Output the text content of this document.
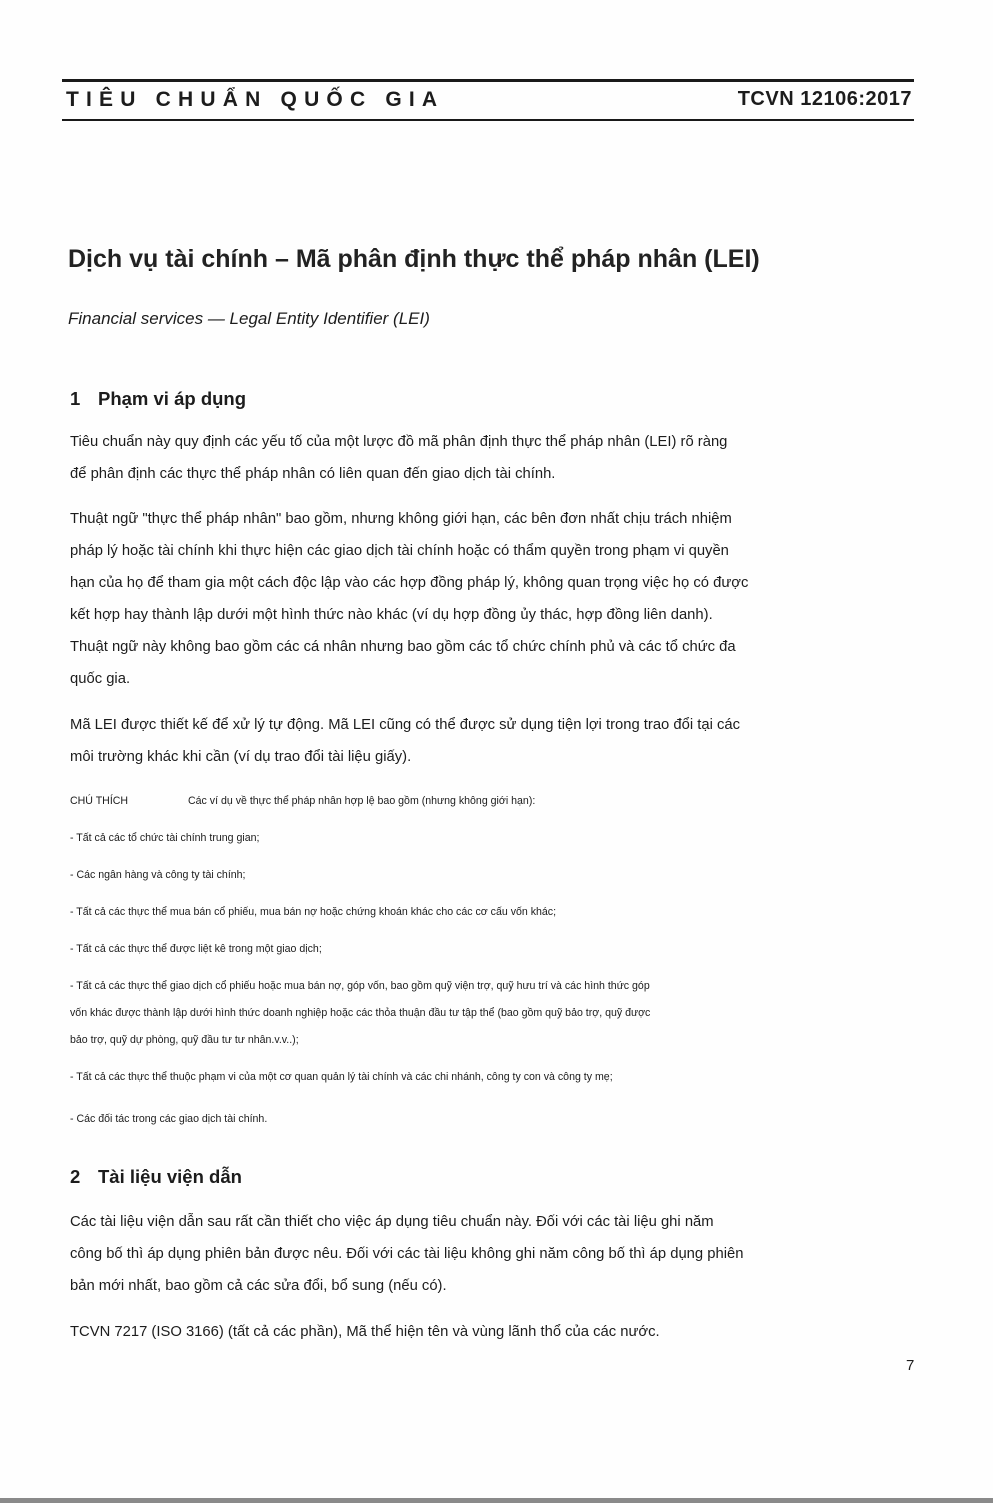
TIÊU CHUẨN QUỐC GIA	TCVN 12106:2017
Dịch vụ tài chính – Mã phân định thực thể pháp nhân (LEI)
Financial services — Legal Entity Identifier (LEI)
1 Phạm vi áp dụng
Tiêu chuẩn này quy định các yếu tố của một lược đồ mã phân định thực thể pháp nhân (LEI) rõ ràng
để phân định các thực thể pháp nhân có liên quan đến giao dịch tài chính.
Thuật ngữ "thực thể pháp nhân" bao gồm, nhưng không giới hạn, các bên đơn nhất chịu trách nhiệm
pháp lý hoặc tài chính khi thực hiện các giao dịch tài chính hoặc có thẩm quyền trong phạm vi quyền
hạn của họ để tham gia một cách độc lập vào các hợp đồng pháp lý, không quan trọng việc họ có được
kết hợp hay thành lập dưới một hình thức nào khác (ví dụ hợp đồng ủy thác, hợp đồng liên danh).
Thuật ngữ này không bao gồm các cá nhân nhưng bao gồm các tổ chức chính phủ và các tổ chức đa
quốc gia.
Mã LEI được thiết kế để xử lý tự động. Mã LEI cũng có thể được sử dụng tiện lợi trong trao đổi tại các
môi trường khác khi cần (ví dụ trao đổi tài liệu giấy).
CHÚ THÍCH	Các ví dụ về thực thể pháp nhân hợp lệ bao gồm (nhưng không giới hạn):
- Tất cả các tổ chức tài chính trung gian;
- Các ngân hàng và công ty tài chính;
- Tất cả các thực thể mua bán cổ phiếu, mua bán nợ hoặc chứng khoán khác cho các cơ cấu vốn khác;
- Tất cả các thực thể được liệt kê trong một giao dịch;
- Tất cả các thực thể giao dịch cổ phiếu hoặc mua bán nợ, góp vốn, bao gồm quỹ viện trợ, quỹ hưu trí và các hình thức góp
vốn khác được thành lập dưới hình thức doanh nghiệp hoặc các thỏa thuận đầu tư tập thể (bao gồm quỹ bảo trợ, quỹ được
bảo trợ, quỹ dự phòng, quỹ đầu tư tư nhân.v.v..);
- Tất cả các thực thể thuộc phạm vi của một cơ quan quản lý tài chính và các chi nhánh, công ty con và công ty mẹ;
- Các đối tác trong các giao dịch tài chính.
2 Tài liệu viện dẫn
Các tài liệu viện dẫn sau rất cần thiết cho việc áp dụng tiêu chuẩn này. Đối với các tài liệu ghi năm
công bố thì áp dụng phiên bản được nêu. Đối với các tài liệu không ghi năm công bố thì áp dụng phiên
bản mới nhất, bao gồm cả các sửa đổi, bổ sung (nếu có).
TCVN 7217 (ISO 3166) (tất cả các phần), Mã thể hiện tên và vùng lãnh thổ của các nước.
7
